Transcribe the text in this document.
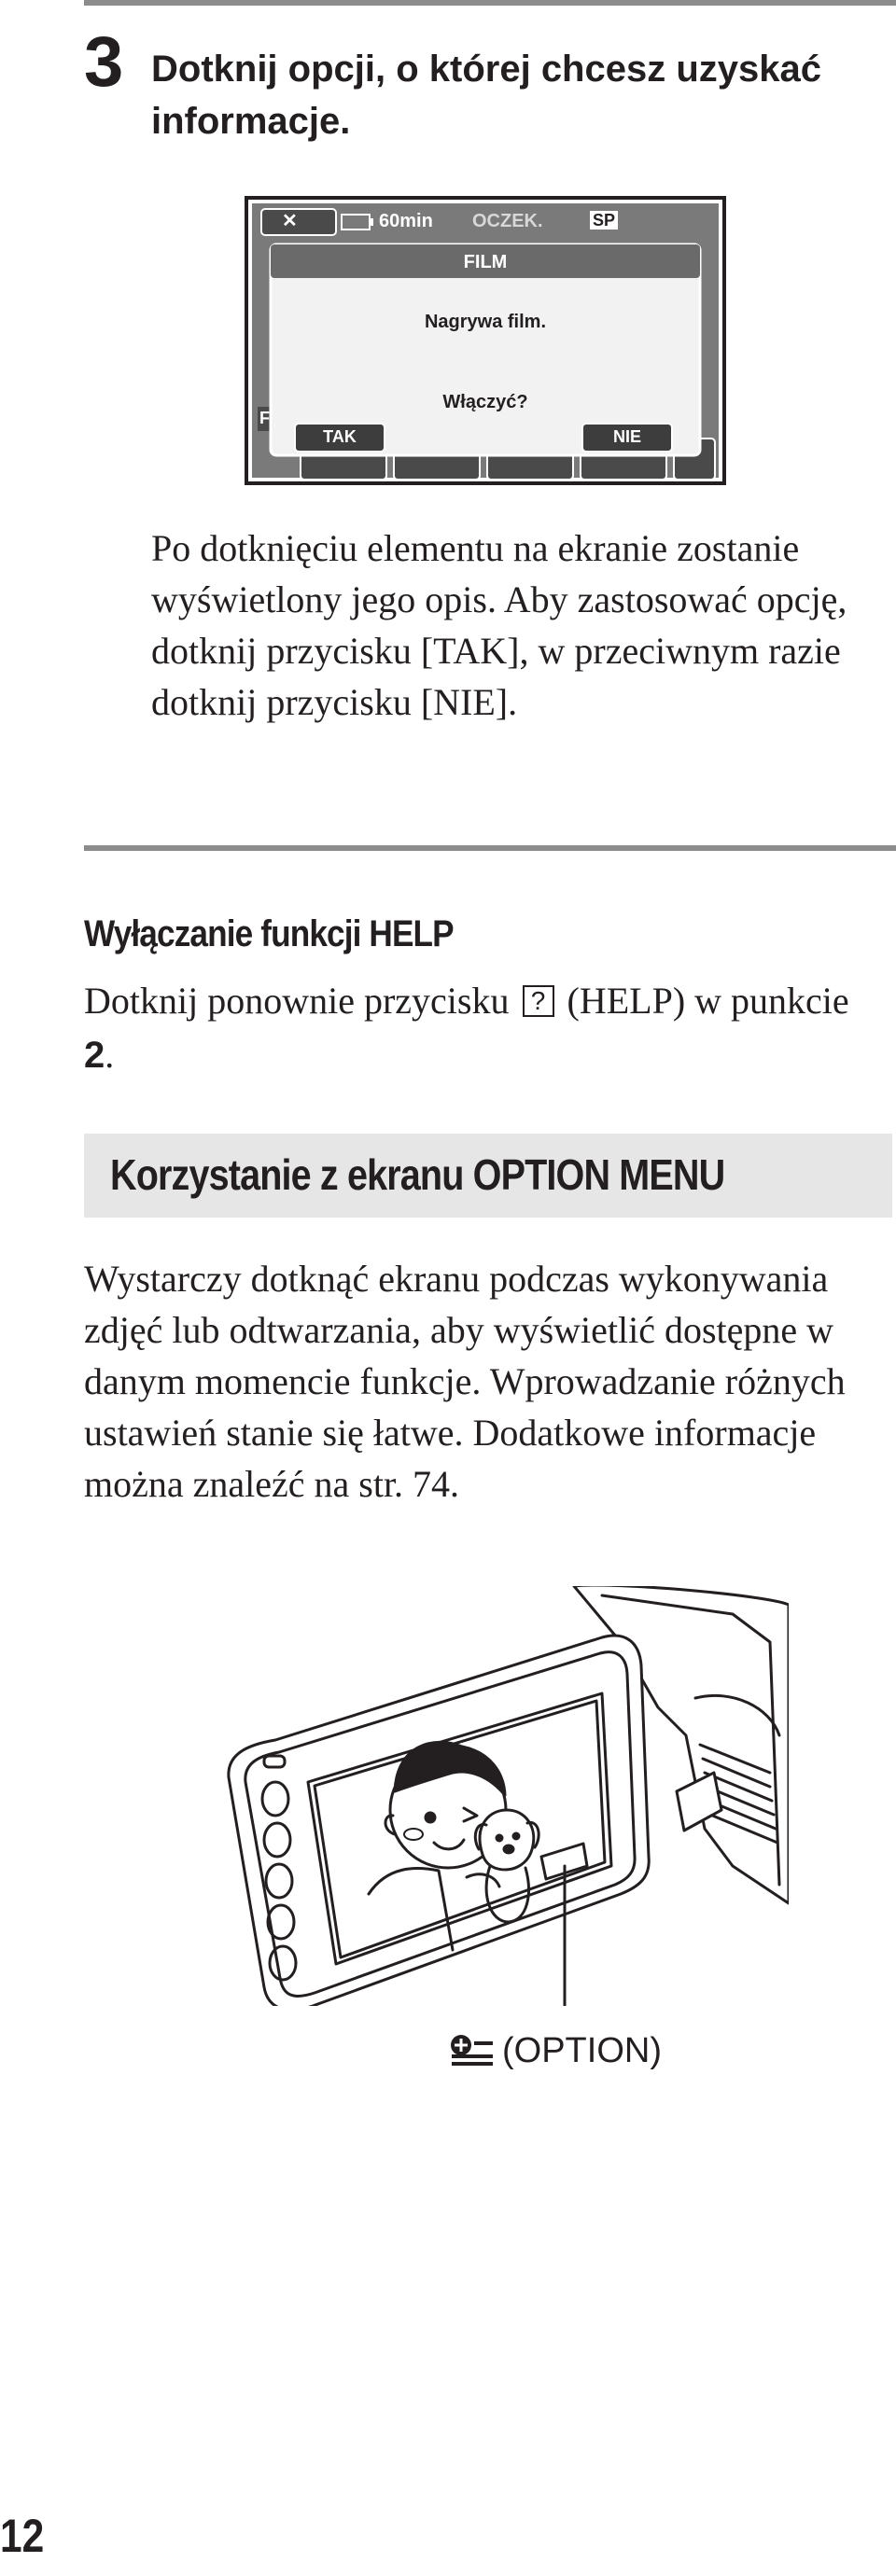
3 Dotknij opcji, o której chcesz uzyskać informacje.
✕	60min OCZEK.	SP
FILM
Nagrywa film.
Włączyć?
TAK	NIE
F
Po dotknięciu elementu na ekranie zostanie wyświetlony jego opis. Aby zastosować opcję, dotknij przycisku [TAK], w przeciwnym razie dotknij przycisku [NIE].
Wyłączanie funkcji HELP
Dotknij ponownie przycisku ? (HELP) w punkcie 2.
Korzystanie z ekranu OPTION MENU
Wystarczy dotknąć ekranu podczas wykonywania zdjęć lub odtwarzania, aby wyświetlić dostępne w danym momencie funkcje. Wprowadzanie różnych ustawień stanie się łatwe. Dodatkowe informacje można znaleźć na str. 74.
(OPTION)
12
